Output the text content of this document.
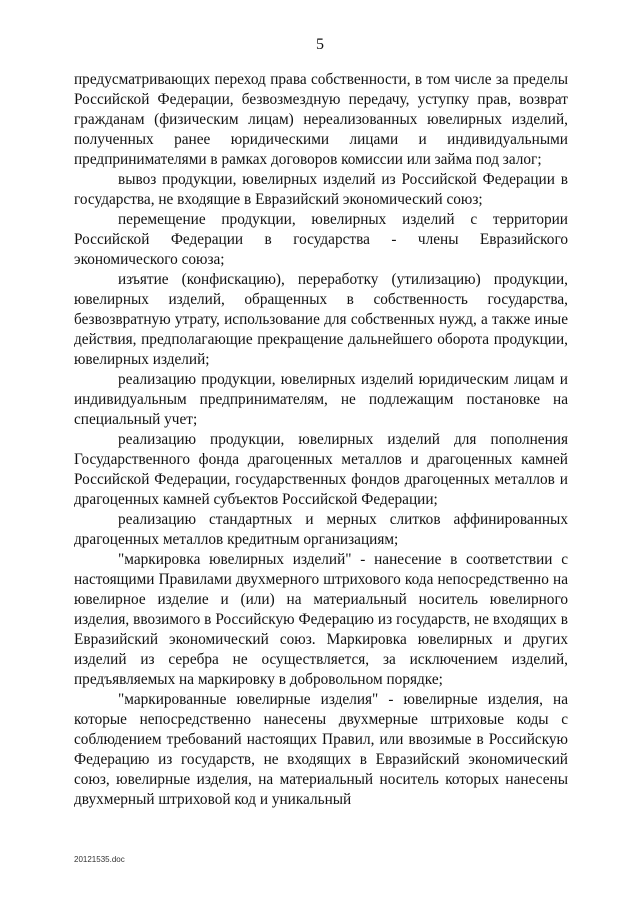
5

предусматривающих переход права собственности, в том числе за пределы Российской Федерации, безвозмездную передачу, уступку прав, возврат гражданам (физическим лицам) нереализованных ювелирных изделий, полученных ранее юридическими лицами и индивидуальными предпринимателями в рамках договоров комиссии или займа под залог;

вывоз продукции, ювелирных изделий из Российской Федерации в государства, не входящие в Евразийский экономический союз;

перемещение продукции, ювелирных изделий с территории Российской Федерации в государства - члены Евразийского экономического союза;

изъятие (конфискацию), переработку (утилизацию) продукции, ювелирных изделий, обращенных в собственность государства, безвозвратную утрату, использование для собственных нужд, а также иные действия, предполагающие прекращение дальнейшего оборота продукции, ювелирных изделий;

реализацию продукции, ювелирных изделий юридическим лицам и индивидуальным предпринимателям, не подлежащим постановке на специальный учет;

реализацию продукции, ювелирных изделий для пополнения Государственного фонда драгоценных металлов и драгоценных камней Российской Федерации, государственных фондов драгоценных металлов и драгоценных камней субъектов Российской Федерации;

реализацию стандартных и мерных слитков аффинированных драгоценных металлов кредитным организациям;

"маркировка ювелирных изделий" - нанесение в соответствии с настоящими Правилами двухмерного штрихового кода непосредственно на ювелирное изделие и (или) на материальный носитель ювелирного изделия, ввозимого в Российскую Федерацию из государств, не входящих в Евразийский экономический союз. Маркировка ювелирных и других изделий из серебра не осуществляется, за исключением изделий, предъявляемых на маркировку в добровольном порядке;

"маркированные ювелирные изделия" - ювелирные изделия, на которые непосредственно нанесены двухмерные штриховые коды с соблюдением требований настоящих Правил, или ввозимые в Российскую Федерацию из государств, не входящих в Евразийский экономический союз, ювелирные изделия, на материальный носитель которых нанесены двухмерный штриховой код и уникальный

20121535.doc
